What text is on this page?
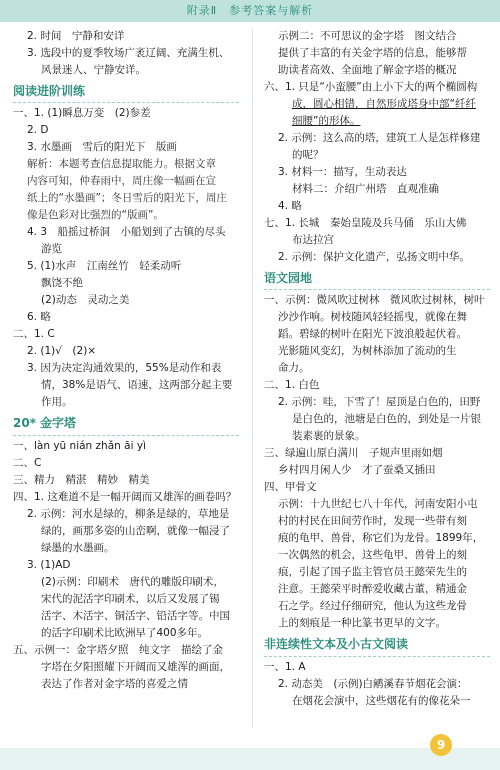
附录Ⅱ　参考答案与解析
2. 时间　宁静和安详
3. 选段中的夏季牧场广袤辽阔、充满生机、
风景迷人、宁静安详。
阅读进阶训练
一、1. (1)瞬息万变　(2)参差
2. D
3. 水墨画　雪后的阳光下　版画
解析：本题考查信息提取能力。根据文章
内容可知，仲春雨中，周庄像一幅画在宣
纸上的“水墨画”；冬日雪后的阳光下，周庄
像是色彩对比强烈的“版画”。
4. 3　船摇过桥洞　小船划到了古镇的尽头
游览
5. (1)水声　江南丝竹　轻柔动听
飘饶不绝
(2)动态　灵动之美
6. 略
二、1. C
2. (1)√　(2)×
3. 因为决定沟通效果的，55%是动作和表
情，38%是语气、语速，这两部分起主要
作用。
20* 金字塔
一、làn yū nián zhǎn āi yì
二、C
三、精力　精湛　精妙　精美
四、1. 这难道不是一幅开阔而又雄浑的画卷吗？
2. 示例：河水是绿的，柳条是绿的，草地是
绿的，画那多姿的山峦啊，就像一幅浸了
绿墨的水墨画。
3. (1)AD
(2)示例：印刷术　唐代的雕版印刷术，
宋代的泥活字印刷术，以后又发展了锡
活字、木活字、铜活字、铅活字等。中国
的活字印刷术比欧洲早了400多年。
五、示例一：金字塔夕照　纯文字　描绘了金
字塔在夕阳照耀下开阔而又雄浑的画面，
表达了作者对金字塔的喜爱之情
示例二：不可思议的金字塔　图文结合
提供了丰富的有关金字塔的信息，能够帮
助读者高效、全面地了解金字塔的概况
六、1. 只是“小蛮腰”由上小下大的两个椭圆构
成，圆心相错，自然形成塔身中部“纤纤
细腰”的形体。
2. 示例：这么高的塔，建筑工人是怎样修建
的呢？
3. 材料一：描写，生动表达
材料二：介绍广州塔　直观准确
4. 略
七、1. 长城　秦始皇陵及兵马俑　乐山大佛
布达拉宫
2. 示例：保护文化遗产，弘扬文明中华。
语文园地
一、示例：微风吹过树林　微风吹过树林，树叶
沙沙作响。树枝随风轻轻摇曳，就像在舞
蹈。碧绿的树叶在阳光下波浪般起伏着。
光影随风变幻，为树林添加了流动的生
命力。
二、1. 白色
2. 示例：哇，下雪了！屋顶是白色的，田野
是白色的，池塘是白色的，到处是一片银
装素裹的景象。
三、绿遍山原白满川　子规声里雨如烟
乡村四月闲人少　才了蚕桑又插田
四、甲骨文
示例：十九世纪七八十年代，河南安阳小屯
村的村民在田间劳作时，发现一些带有刻
痕的龟甲、兽骨，称它们为龙骨。1899年，
一次偶然的机会，这些龟甲、兽骨上的刻
痕，引起了国子监主管官员王懿荣先生的
注意。王懿荣平时醉爱收藏古董，精通金
石之学。经过仔细研究，他认为这些龙骨
上的刻痕是一种比篆书更早的文字。
非连续性文本及小古文阅读
一、1. A
2. 动态美　(示例)白鹇溪春节烟花会演：
在烟花会演中，这些烟花有的像花朵一
9
